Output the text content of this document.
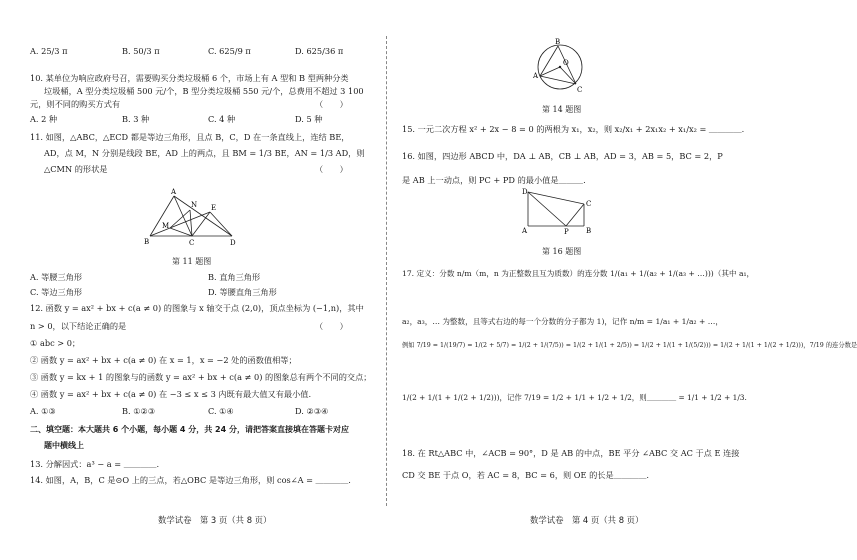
A. 25/3 π	B. 50/3 π	C. 625/9 π	D. 625/36 π
10. 某单位为响应政府号召，需要购买分类垃圾桶 6 个，市场上有 A 型和 B 型两种分类
垃圾桶，A 型分类垃圾桶 500 元/个，B 型分类垃圾桶 550 元/个，总费用不超过 3 100
元，则不同的购买方式有	（　　）
A. 2 种	B. 3 种	C. 4 种	D. 5 种
11. 如图，△ABC，△ECD 都是等边三角形，且点 B，C，D 在一条直线上，连结 BE，
AD，点 M，N 分别是线段 BE，AD 上的两点，且 BM = 1/3 BE，AN = 1/3 AD，则
△CMN 的形状是	（　　）
A
B	C	D
E
M
N
第 11 题图
A. 等腰三角形	B. 直角三角形
C. 等边三角形	D. 等腰直角三角形
12. 函数 y = ax² + bx + c(a ≠ 0) 的图象与 x 轴交于点 (2,0)，顶点坐标为 (−1,n)，其中
n > 0，以下结论正确的是	（　　）
① abc > 0；
② 函数 y = ax² + bx + c(a ≠ 0) 在 x = 1，x = −2 处的函数值相等；
③ 函数 y = kx + 1 的图象与的函数 y = ax² + bx + c(a ≠ 0) 的图象总有两个不同的交点；
④ 函数 y = ax² + bx + c(a ≠ 0) 在 −3 ≤ x ≤ 3 内既有最大值又有最小值.
A. ①③	B. ①②③	C. ①④	D. ②③④
二、填空题：本大题共 6 个小题，每小题 4 分，共 24 分，请把答案直接填在答题卡对应
题中横线上
13. 分解因式：a³ − a = ＿＿＿＿.
14. 如图，A，B，C 是⊙O 上的三点，若△OBC 是等边三角形，则 cos∠A = ＿＿＿＿.
数学试卷　第 3 页（共 8 页）
A
B
C
O
第 14 题图
15. 一元二次方程 x² + 2x − 8 = 0 的两根为 x₁，x₂，则 x₂/x₁ + 2x₁x₂ + x₁/x₂ = ＿＿＿＿.
16. 如图，四边形 ABCD 中，DA ⊥ AB，CB ⊥ AB，AD = 3，AB = 5，BC = 2，P
是 AB 上一动点，则 PC + PD 的最小值是＿＿＿.
D
A	P B
C
第 16 题图
17. 定义：分数 n/m（m，n 为正整数且互为质数）的连分数 1/(a₁ + 1/(a₂ + 1/(a₃ + …)))（其中 a₁，
a₂，a₃，… 为整数，且等式右边的每一个分数的分子都为 1)，记作 n/m = 1/a₁ + 1/a₂ + …，
例如 7/19 = 1/(19/7) = 1/(2 + 5/7) = 1/(2 + 1/(7/5)) = 1/(2 + 1/(1 + 2/5)) = 1/(2 + 1/(1 + 1/(5/2))) = 1/(2 + 1/(1 + 1/(2 + 1/2)))，7/19 的连分数是
1/(2 + 1/(1 + 1/(2 + 1/2)))，记作 7/19 = 1/2 + 1/1 + 1/2 + 1/2，则＿＿＿＿ = 1/1 + 1/2 + 1/3.
18. 在 Rt△ABC 中，∠ACB = 90°，D 是 AB 的中点，BE 平分 ∠ABC 交 AC 于点 E 连接
CD 交 BE 于点 O，若 AC = 8，BC = 6，则 OE 的长是＿＿＿＿.
数学试卷　第 4 页（共 8 页）
